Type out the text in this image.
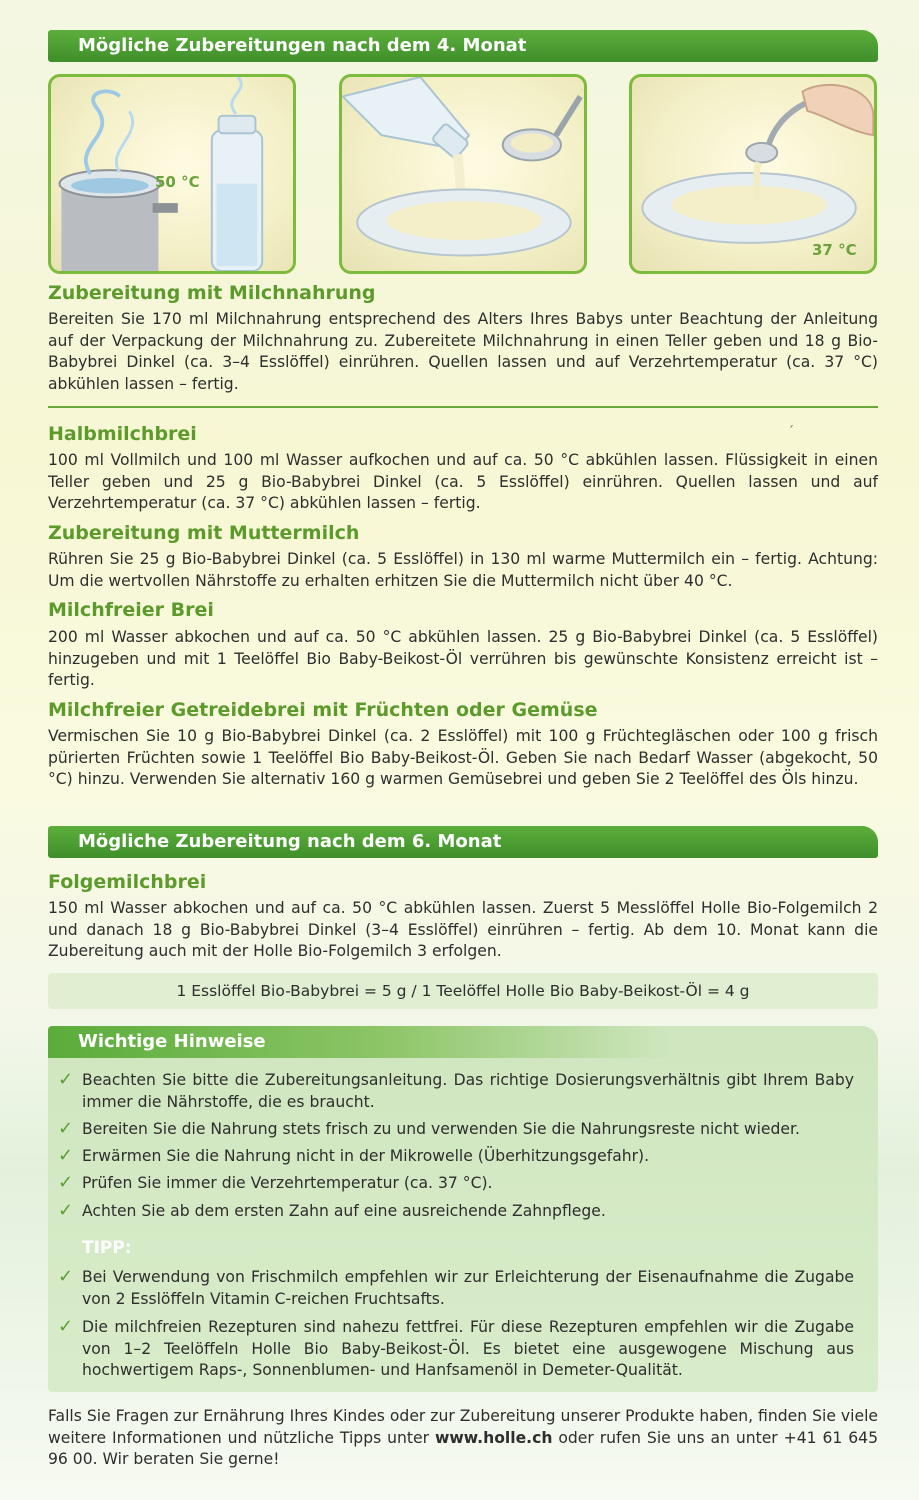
Mögliche Zubereitungen nach dem 4. Monat
50 °C
37 °C
Zubereitung mit Milchnahrung

Bereiten Sie 170 ml Milchnahrung entsprechend des Alters Ihres Babys unter Beachtung der Anleitung auf der Verpackung der Milchnahrung zu. Zubereitete Milchnahrung in einen Teller geben und 18 g Bio-Babybrei Dinkel (ca. 3–4 Esslöffel) einrühren. Quellen lassen und auf Verzehrtemperatur (ca. 37 °C) abkühlen lassen – fertig.

ˊ
Halbmilchbrei

100 ml Vollmilch und 100 ml Wasser aufkochen und auf ca. 50 °C abkühlen lassen. Flüssigkeit in einen Teller geben und 25 g Bio-Babybrei Dinkel (ca. 5 Esslöffel) einrühren. Quellen lassen und auf Verzehrtemperatur (ca. 37 °C) abkühlen lassen – fertig.

Zubereitung mit Muttermilch

Rühren Sie 25 g Bio-Babybrei Dinkel (ca. 5 Esslöffel) in 130 ml warme Muttermilch ein – fertig. Achtung: Um die wertvollen Nährstoffe zu erhalten erhitzen Sie die Muttermilch nicht über 40 °C.

Milchfreier Brei

200 ml Wasser abkochen und auf ca. 50 °C abkühlen lassen. 25 g Bio-Babybrei Dinkel (ca. 5 Esslöffel) hinzugeben und mit 1 Teelöffel Bio Baby-Beikost-Öl verrühren bis gewünschte Konsistenz erreicht ist – fertig.

Milchfreier Getreidebrei mit Früchten oder Gemüse

Vermischen Sie 10 g Bio-Babybrei Dinkel (ca. 2 Esslöffel) mit 100 g Früchtegläschen oder 100 g frisch pürierten Früchten sowie 1 Teelöffel Bio Baby-Beikost-Öl. Geben Sie nach Bedarf Wasser (abgekocht, 50 °C) hinzu. Verwenden Sie alternativ 160 g warmen Gemüsebrei und geben Sie 2 Teelöffel des Öls hinzu.

Mögliche Zubereitung nach dem 6. Monat
Folgemilchbrei

150 ml Wasser abkochen und auf ca. 50 °C abkühlen lassen. Zuerst 5 Messlöffel Holle Bio-Folgemilch 2 und danach 18 g Bio-Babybrei Dinkel (3–4 Esslöffel) einrühren – fertig. Ab dem 10. Monat kann die Zubereitung auch mit der Holle Bio-Folgemilch 3 erfolgen.

1 Esslöffel Bio-Babybrei = 5 g / 1 Teelöffel Holle Bio Baby-Beikost-Öl = 4 g
Wichtige Hinweise
✓ Beachten Sie bitte die Zubereitungsanleitung. Das richtige Dosierungsverhältnis gibt Ihrem Baby immer die Nährstoffe, die es braucht.

✓ Bereiten Sie die Nahrung stets frisch zu und verwenden Sie die Nahrungsreste nicht wieder.

✓ Erwärmen Sie die Nahrung nicht in der Mikrowelle (Überhitzungsgefahr).

✓ Prüfen Sie immer die Verzehrtemperatur (ca. 37 °C).

✓ Achten Sie ab dem ersten Zahn auf eine ausreichende Zahnpflege.

TIPP:
✓ Bei Verwendung von Frischmilch empfehlen wir zur Erleichterung der Eisenaufnahme die Zugabe von 2 Esslöffeln Vitamin C-reichen Fruchtsafts.

✓ Die milchfreien Rezepturen sind nahezu fettfrei. Für diese Rezepturen empfehlen wir die Zugabe von 1–2 Teelöffeln Holle Bio Baby-Beikost-Öl. Es bietet eine ausgewogene Mischung aus hochwertigem Raps-, Sonnenblumen- und Hanfsamenöl in Demeter-Qualität.

Falls Sie Fragen zur Ernährung Ihres Kindes oder zur Zubereitung unserer Produkte haben, finden Sie viele weitere Informationen und nützliche Tipps unter www.holle.ch oder rufen Sie uns an unter +41 61 645 96 00. Wir beraten Sie gerne!
